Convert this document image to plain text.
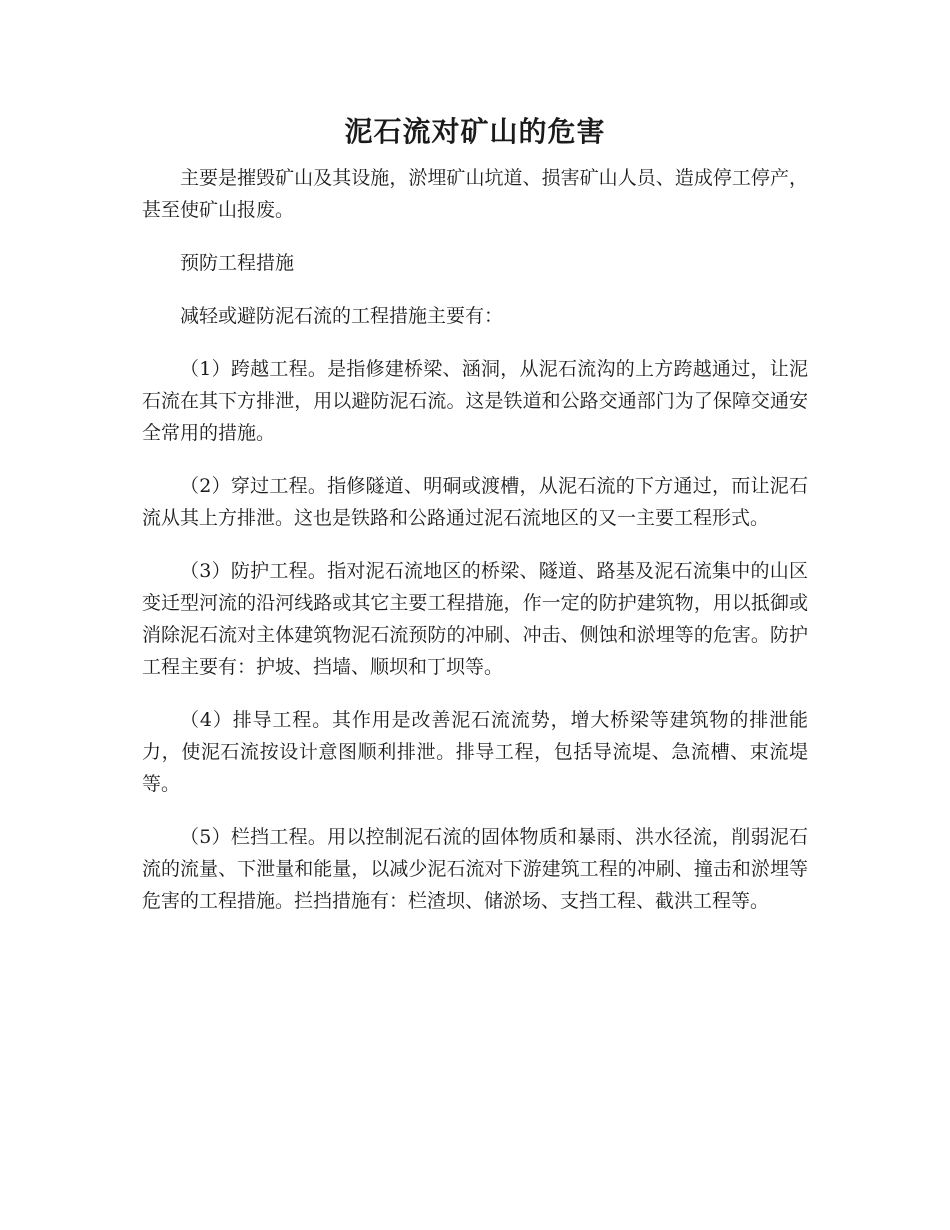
泥石流对矿山的危害

主要是摧毁矿山及其设施，淤埋矿山坑道、损害矿山人员、造成停工停产，甚至使矿山报废。

预防工程措施

减轻或避防泥石流的工程措施主要有：

（1）跨越工程。是指修建桥梁、涵洞，从泥石流沟的上方跨越通过，让泥石流在其下方排泄，用以避防泥石流。这是铁道和公路交通部门为了保障交通安全常用的措施。

（2）穿过工程。指修隧道、明硐或渡槽，从泥石流的下方通过，而让泥石流从其上方排泄。这也是铁路和公路通过泥石流地区的又一主要工程形式。

（3）防护工程。指对泥石流地区的桥梁、隧道、路基及泥石流集中的山区变迁型河流的沿河线路或其它主要工程措施，作一定的防护建筑物，用以抵御或消除泥石流对主体建筑物泥石流预防的冲刷、冲击、侧蚀和淤埋等的危害。防护工程主要有：护坡、挡墙、顺坝和丁坝等。

（4）排导工程。其作用是改善泥石流流势，增大桥梁等建筑物的排泄能力，使泥石流按设计意图顺利排泄。排导工程，包括导流堤、急流槽、束流堤等。

（5）栏挡工程。用以控制泥石流的固体物质和暴雨、洪水径流，削弱泥石流的流量、下泄量和能量，以减少泥石流对下游建筑工程的冲刷、撞击和淤埋等危害的工程措施。拦挡措施有：栏渣坝、储淤场、支挡工程、截洪工程等。
